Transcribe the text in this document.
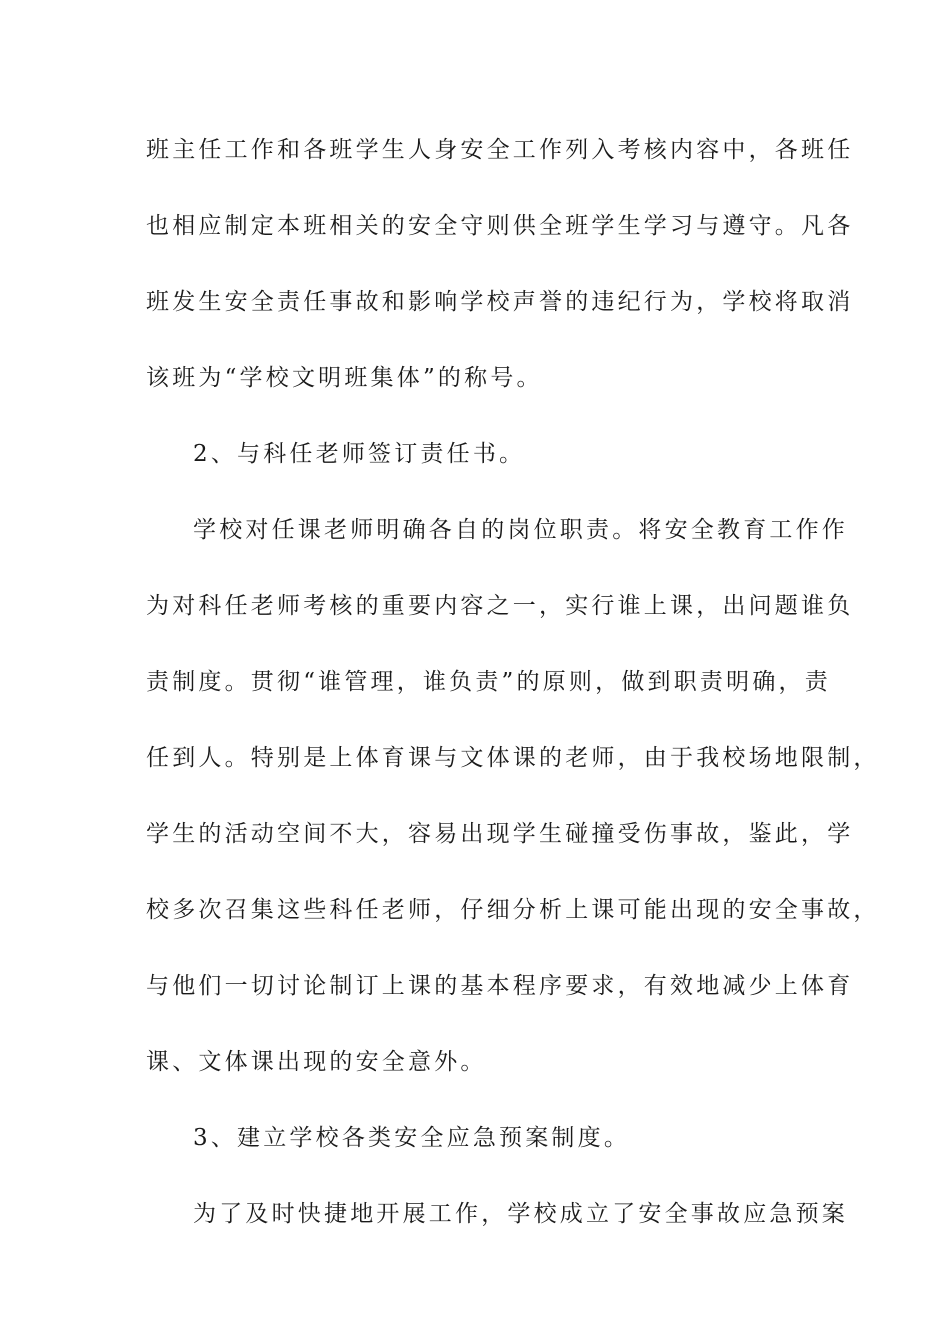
班主任工作和各班学生人身安全工作列入考核内容中，各班任
也相应制定本班相关的安全守则供全班学生学习与遵守。凡各
班发生安全责任事故和影响学校声誉的违纪行为，学校将取消
该班为“学校文明班集体”的称号。
2、与科任老师签订责任书。
学校对任课老师明确各自的岗位职责。将安全教育工作作
为对科任老师考核的重要内容之一，实行谁上课，出问题谁负
责制度。贯彻“谁管理，谁负责”的原则，做到职责明确，责
任到人。特别是上体育课与文体课的老师，由于我校场地限制，
学生的活动空间不大，容易出现学生碰撞受伤事故，鉴此，学
校多次召集这些科任老师，仔细分析上课可能出现的安全事故，
与他们一切讨论制订上课的基本程序要求，有效地减少上体育
课、文体课出现的安全意外。
3、建立学校各类安全应急预案制度。
为了及时快捷地开展工作，学校成立了安全事故应急预案
